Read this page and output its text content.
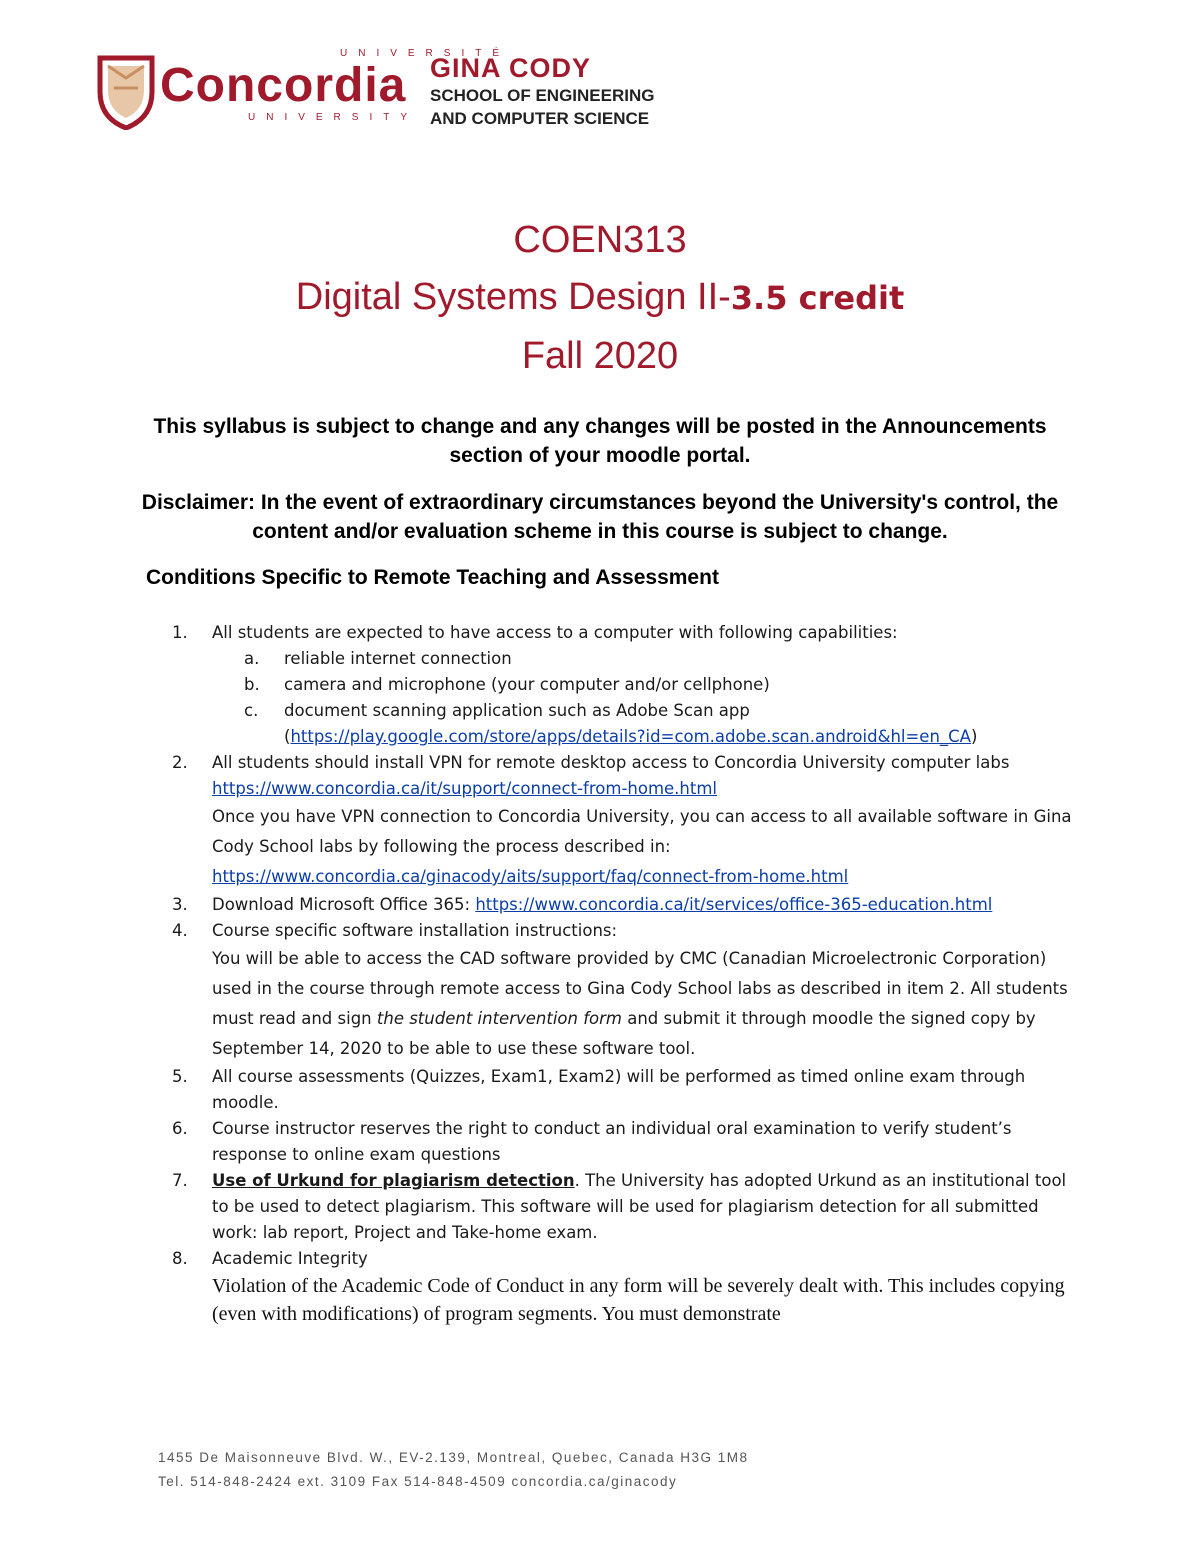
UNIVERSITÉ
Concordia
UNIVERSITY
GINA CODY
SCHOOL OF ENGINEERING
AND COMPUTER SCIENCE
COEN313
Digital Systems Design II-3.5 credit
Fall 2020
This syllabus is subject to change and any changes will be posted in the Announcements section of your moodle portal.
Disclaimer: In the event of extraordinary circumstances beyond the University's control, the content and/or evaluation scheme in this course is subject to change.
Conditions Specific to Remote Teaching and Assessment
1. All students are expected to have access to a computer with following capabilities:
a. reliable internet connection
b. camera and microphone (your computer and/or cellphone)
c. document scanning application such as Adobe Scan app
(https://play.google.com/store/apps/details?id=com.adobe.scan.android&hl=en_CA)
2. All students should install VPN for remote desktop access to Concordia University computer labs
https://www.concordia.ca/it/support/connect-from-home.html
Once you have VPN connection to Concordia University, you can access to all available software in Gina Cody School labs by following the process described in:
https://www.concordia.ca/ginacody/aits/support/faq/connect-from-home.html
3. Download Microsoft Office 365: https://www.concordia.ca/it/services/office-365-education.html
4. Course specific software installation instructions:
You will be able to access the CAD software provided by CMC (Canadian Microelectronic Corporation) used in the course through remote access to Gina Cody School labs as described in item 2. All students must read and sign the student intervention form and submit it through moodle the signed copy by September 14, 2020 to be able to use these software tool.
5. All course assessments (Quizzes, Exam1, Exam2) will be performed as timed online exam through moodle.
6. Course instructor reserves the right to conduct an individual oral examination to verify student’s response to online exam questions
7. Use of Urkund for plagiarism detection. The University has adopted Urkund as an institutional tool to be used to detect plagiarism. This software will be used for plagiarism detection for all submitted work: lab report, Project and Take-home exam.
8. Academic Integrity
Violation of the Academic Code of Conduct in any form will be severely dealt with. This includes copying (even with modifications) of program segments. You must demonstrate
1455 De Maisonneuve Blvd. W., EV-2.139, Montreal, Quebec, Canada H3G 1M8
Tel. 514-848-2424 ext. 3109 Fax 514-848-4509 concordia.ca/ginacody
